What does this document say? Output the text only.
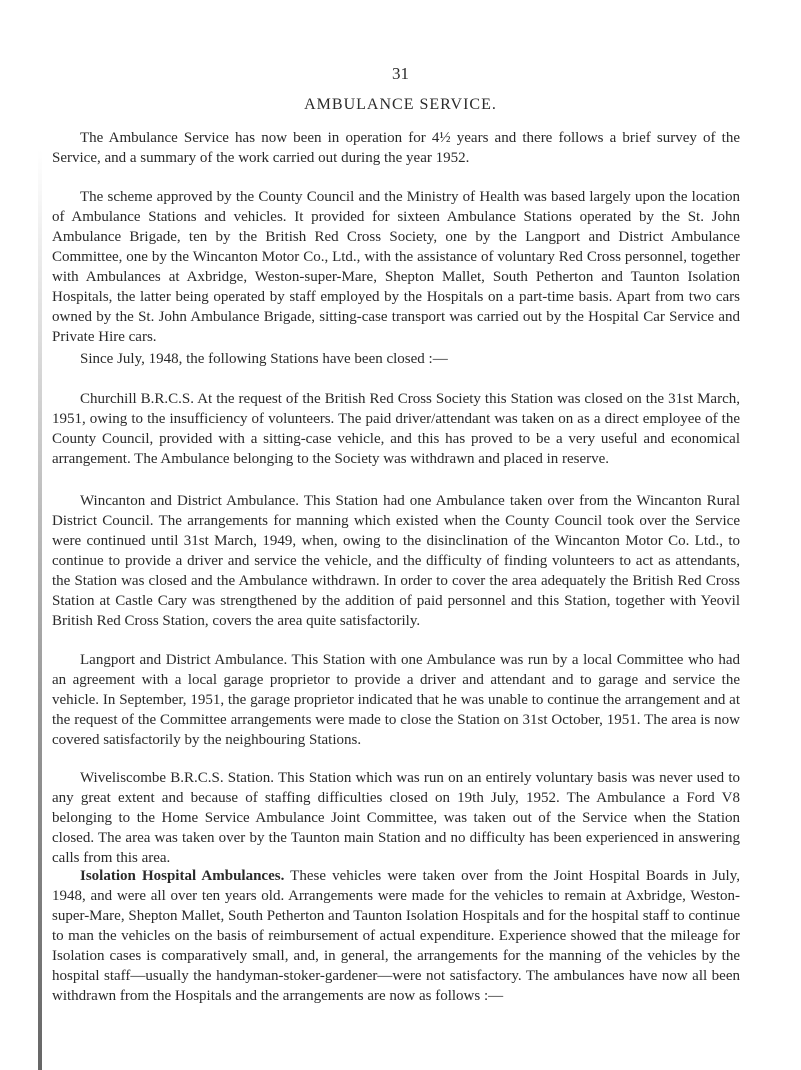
31
AMBULANCE SERVICE.

The Ambulance Service has now been in operation for 4½ years and there follows a brief survey of the Service, and a summary of the work carried out during the year 1952.

The scheme approved by the County Council and the Ministry of Health was based largely upon the location of Ambulance Stations and vehicles. It provided for sixteen Ambulance Stations operated by the St. John Ambulance Brigade, ten by the British Red Cross Society, one by the Langport and District Ambulance Committee, one by the Wincanton Motor Co., Ltd., with the assistance of voluntary Red Cross personnel, together with Ambulances at Axbridge, Weston-super-Mare, Shepton Mallet, South Petherton and Taunton Isolation Hospitals, the latter being operated by staff employed by the Hospitals on a part-time basis. Apart from two cars owned by the St. John Ambulance Brigade, sitting-case transport was carried out by the Hospital Car Service and Private Hire cars.

Since July, 1948, the following Stations have been closed :—

Churchill B.R.C.S. At the request of the British Red Cross Society this Station was closed on the 31st March, 1951, owing to the insufficiency of volunteers. The paid driver/attendant was taken on as a direct employee of the County Council, provided with a sitting-case vehicle, and this has proved to be a very useful and economical arrangement. The Ambulance belonging to the Society was withdrawn and placed in reserve.

Wincanton and District Ambulance. This Station had one Ambulance taken over from the Wincanton Rural District Council. The arrangements for manning which existed when the County Council took over the Service were continued until 31st March, 1949, when, owing to the disinclination of the Wincanton Motor Co. Ltd., to continue to provide a driver and service the vehicle, and the difficulty of finding volunteers to act as attendants, the Station was closed and the Ambulance withdrawn. In order to cover the area adequately the British Red Cross Station at Castle Cary was strengthened by the addition of paid personnel and this Station, together with Yeovil British Red Cross Station, covers the area quite satisfactorily.

Langport and District Ambulance. This Station with one Ambulance was run by a local Committee who had an agreement with a local garage proprietor to provide a driver and attendant and to garage and service the vehicle. In September, 1951, the garage proprietor indicated that he was unable to continue the arrangement and at the request of the Committee arrangements were made to close the Station on 31st October, 1951. The area is now covered satisfactorily by the neighbouring Stations.

Wiveliscombe B.R.C.S. Station. This Station which was run on an entirely voluntary basis was never used to any great extent and because of staffing difficulties closed on 19th July, 1952. The Ambulance a Ford V8 belonging to the Home Service Ambulance Joint Committee, was taken out of the Service when the Station closed. The area was taken over by the Taunton main Station and no difficulty has been experienced in answering calls from this area.

Isolation Hospital Ambulances. These vehicles were taken over from the Joint Hospital Boards in July, 1948, and were all over ten years old. Arrangements were made for the vehicles to remain at Axbridge, Weston-super-Mare, Shepton Mallet, South Petherton and Taunton Isolation Hospitals and for the hospital staff to continue to man the vehicles on the basis of reimbursement of actual expenditure. Experience showed that the mileage for Isolation cases is comparatively small, and, in general, the arrangements for the manning of the vehicles by the hospital staff—usually the handyman-stoker-gardener—were not satisfactory. The ambulances have now all been withdrawn from the Hospitals and the arrangements are now as follows :—
